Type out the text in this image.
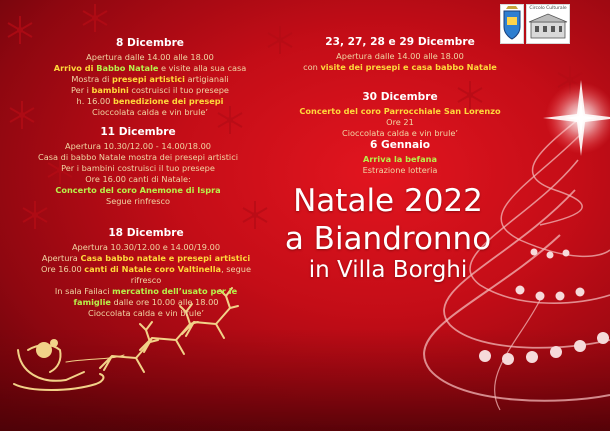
Circolo Culturale
8 Dicembre

Apertura dalle 14.00 alle 18.00

Arrivo di Babbo Natale e visite alla sua casa

Mostra di presepi artistici artigianali

Per i bambini costruisci il tuo presepe

h. 16.00 benedizione dei presepi

Cioccolata calda e vin brule’

11 Dicembre

Apertura 10.30/12.00 - 14.00/18.00

Casa di babbo Natale mostra dei presepi artistici

Per i bambini costruisci il tuo presepe

Ore 16.00 canti di Natale:

Concerto del coro Anemone di Ispra

Segue rinfresco

18 Dicembre

Apertura 10.30/12.00 e 14.00/19.00

Apertura Casa babbo natale e presepi artistici

Ore 16.00 canti di Natale coro Valtinella, segue

rifresco

In sala Failaci mercatino dell’usato per le

famiglie dalle ore 10.00 alle 18.00

Cioccolata calda e vin brule’

23, 27, 28 e 29 Dicembre

Apertura dalle 14.00 alle 18.00

con visite dei presepi e casa babbo Natale

30 Dicembre

Concerto del coro Parrocchiale San Lorenzo

Ore 21

Cioccolata calda e vin brule’

6 Gennaio

Arriva la befana

Estrazione lotteria

Natale 2022
a Biandronno
in Villa Borghi
